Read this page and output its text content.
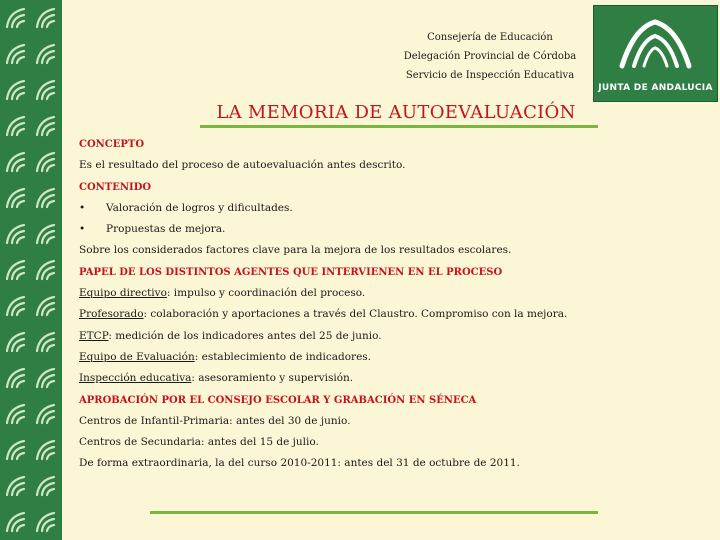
Consejería de Educación
Delegación Provincial de Córdoba
Servicio de Inspección Educativa
JUNTA DE ANDALUCIA
LA MEMORIA DE AUTOEVALUACIÓN
CONCEPTO
Es el resultado del proceso de autoevaluación antes descrito.
CONTENIDO
• Valoración de logros y dificultades.
• Propuestas de mejora.
Sobre los considerados factores clave para la mejora de los resultados escolares.
PAPEL DE LOS DISTINTOS AGENTES QUE INTERVIENEN EN EL PROCESO
Equipo directivo: impulso y coordinación del proceso.
Profesorado: colaboración y aportaciones a través del Claustro. Compromiso con la mejora.
ETCP: medición de los indicadores antes del 25 de junio.
Equipo de Evaluación: establecimiento de indicadores.
Inspección educativa: asesoramiento y supervisión.
APROBACIÓN POR EL CONSEJO ESCOLAR Y GRABACIÓN EN SÉNECA
Centros de Infantil-Primaria: antes del 30 de junio.
Centros de Secundaria: antes del 15 de julio.
De forma extraordinaria, la del curso 2010-2011: antes del 31 de octubre de 2011.
